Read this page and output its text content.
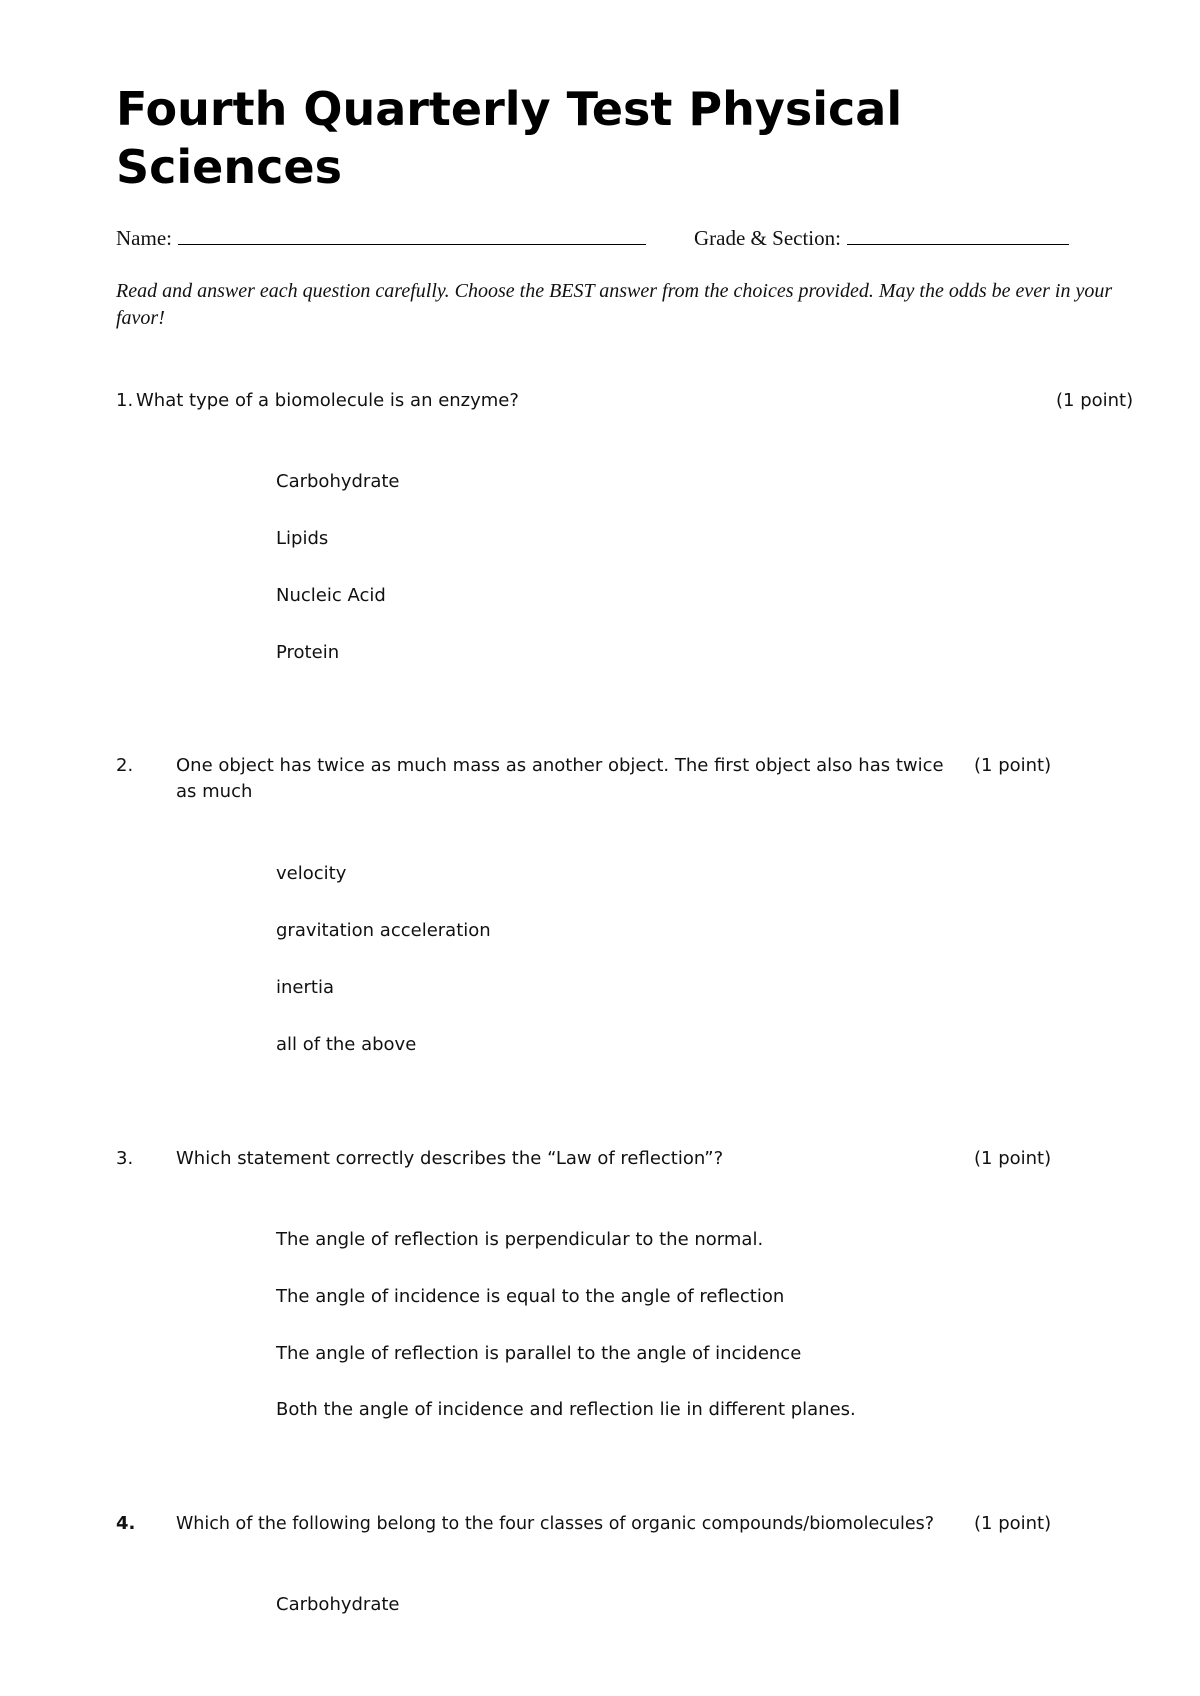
Fourth Quarterly Test Physical Sciences
Name:	Grade & Section:

Read and answer each question carefully. Choose the BEST answer from the choices provided. May the odds be ever in your favor!

1. What type of a biomolecule is an enzyme?	(1 point)
Carbohydrate
Lipids
Nucleic Acid
Protein
2. One object has twice as much mass as another object. The first object also has twice as much
(1 point)
velocity
gravitation acceleration
inertia
all of the above
3. Which statement correctly describes the “Law of reflection”?	(1 point)
The angle of reflection is perpendicular to the normal.
The angle of incidence is equal to the angle of reflection
The angle of reflection is parallel to the angle of incidence
Both the angle of incidence and reflection lie in different planes.
4. Which of the following belong to the four classes of organic compounds/biomolecules?	(1 point)
Carbohydrate
